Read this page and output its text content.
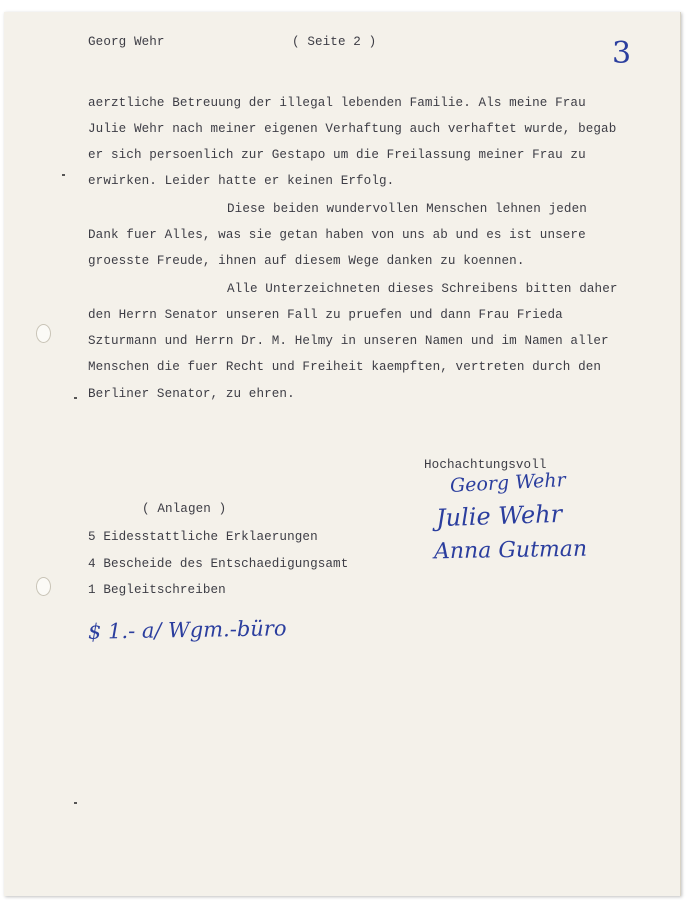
Georg Wehr	( Seite 2 )	3
aerztliche Betreuung der illegal lebenden Familie. Als meine Frau
Julie Wehr nach meiner eigenen Verhaftung auch verhaftet wurde, begab
er sich persoenlich zur Gestapo um die Freilassung meiner Frau zu
erwirken. Leider hatte er keinen Erfolg.
Diese beiden wundervollen Menschen lehnen jeden
Dank fuer Alles, was sie getan haben von uns ab und es ist unsere
groesste Freude, ihnen auf diesem Wege danken zu koennen.
Alle Unterzeichneten dieses Schreibens bitten daher
den Herrn Senator unseren Fall zu pruefen und dann Frau Frieda
Szturmann und Herrn Dr. M. Helmy in unseren Namen und im Namen aller
Menschen die fuer Recht und Freiheit kaempften, vertreten durch den
Berliner Senator, zu ehren.
Hochachtungsvoll
Georg Wehr
Julie Wehr
Anna Gutman
( Anlagen )
5 Eidesstattliche Erklaerungen
4 Bescheide des Entschaedigungsamt
1 Begleitschreiben
$ 1.- a/ Wgm.-büro
